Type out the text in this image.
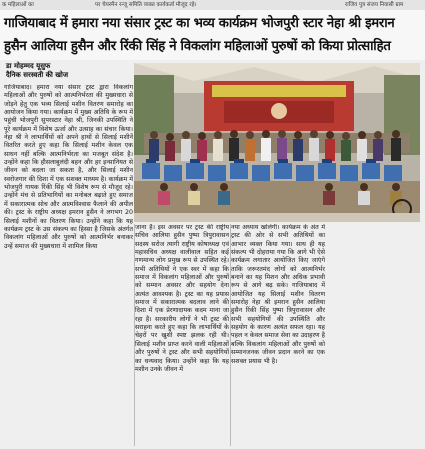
क महिलाओं का	पर चेयरमैन रन्जू समिति व्यक्त कार्यकर्ता मौजूद रहे।	राजिव पुत्र संजय निवासी ग्राम
गाजियाबाद में हमारा नया संसार ट्रस्ट का भव्य कार्यक्रम भोजपुरी स्टार नेहा श्री इमरान
हुसैन आलिया हुसैन और रिंकी सिंह ने विकलांग महिलाओं पुरुषों को किया प्रोत्साहित
डा मोहम्मद यूसुफ
दैनिक सरस्वती की खोज
गाजियाबाद। हमारा नया संसार ट्रस्ट द्वारा विकलांग महिलाओं और पुरुषों को आत्मनिर्भरता की मुख्यधारा से जोड़ने हेतु एक भव्य सिलाई मशीन वितरण समारोह का आयोजन किया गया। कार्यक्रम में मुख्य अतिथि के रूप में पहुंची भोजपुरी सुपरस्टार नेहा श्री, जिनकी उपस्थिति ने पूरे कार्यक्रम में विशेष ऊर्जा और उत्साह का संचार किया। नेहा श्री ने लाभार्थियों को अपने हाथों से सिलाई मशीनें वितरित करते हुए कहा कि सिलाई मशीन केवल एक साधन नहीं बल्कि आत्मनिर्भरता का मजबूत संदेश है। उन्होंने कहा कि हौसलाबुलंदी बहन और हर इन्सानियत से जीवन को बदला जा सकता है, और सिलाई मशीन स्वरोजगार की दिशा में एक सशक्त माध्यम है। कार्यक्रम में भोजपुरी गायक रिंकी सिंह भी विशेष रूप से मौजूद रहे। उन्होंने मंच से प्रतिभागियों का मनोबल बढ़ाते हुए समाज में सकारात्मक सोच और आत्मविश्वास फैलाने की अपील की। ट्रस्ट के राष्ट्रीय अध्यक्ष इमरान हुसैन ने लगभग 20 सिलाई मशीनों का वितरण किया। उन्होंने कहा कि यह कार्यक्रम ट्रस्ट के उस संकल्प का हिस्सा है जिसके अंतर्गत विकलांग महिलाओं और पुरुषों को आत्मनिर्भर बनाकर उन्हें समाज की मुख्यधारा में शामिल किया
जाना है। इस अवसर पर ट्रस्ट की राष्ट्रीय सचिव आलिया हुसैन पुष्पा त्रिपुरावासन सदस्य सरोज त्यागी राष्ट्रीय कोषाध्यक्ष एवं महासचिव अध्यक्ष वालीवाल सहित कई गणमान्य लोग प्रमुख रूप से उपस्थित रहे। सभी अतिथियों ने एक स्वर में कहा कि समाज में विकलांग महिलाओं और पुरुषों को सम्मान अवसर और सहयोग देना अत्यंत आवश्यक है। ट्रस्ट का यह प्रयास समाज में सकारात्मक बदलाव लाने की दिशा में एक प्रेरणादायक कदम माना जा रहा है। सरकारीय लोगों ने भी ट्रस्ट की सराहना करते हुए कहा कि लाभार्थियों के चेहरों पर खुशी स्पष्ट झलक रही थी। सिलाई मशीन प्राप्त करने वाली महिलाओं और पुरुषों ने ट्रस्ट और सभी सहयोगियों का धन्यवाद किया। उन्होंने कहा कि यह मशीन उनके जीवन में
नया अध्याय खोलेगी। कार्यक्रम के अंत में ट्रस्ट की ओर से सभी अतिथियों का आभार व्यक्त किया गया। साथ ही यह संकल्प भी दोहराया गया कि आगे भी ऐसे कार्यक्रम लगातार आयोजित किए जाएंगे ताकि जरूरतमंद लोगों को आत्मनिर्भर बनाने का यह मिशन और अधिक प्रभावी रूप से आगे बढ़ सके। गाजियाबाद में आयोजित यह सिलाई मशीन वितरण समारोह नेहा श्री इमरान हुसैन आलिया हुसैन रिंकी सिंह पुष्पा त्रिपुरावासन और सभी सहयोगियों की उपस्थिति और सहयोग के कारण अत्यंत सफल रहा। यह पहल न केवल समाज सेवा का उदाहरण है बल्कि विकलांग महिलाओं और पुरुषों को सम्मानजनक जीवन प्रदान करने का एक सशक्त प्रयास भी है।
